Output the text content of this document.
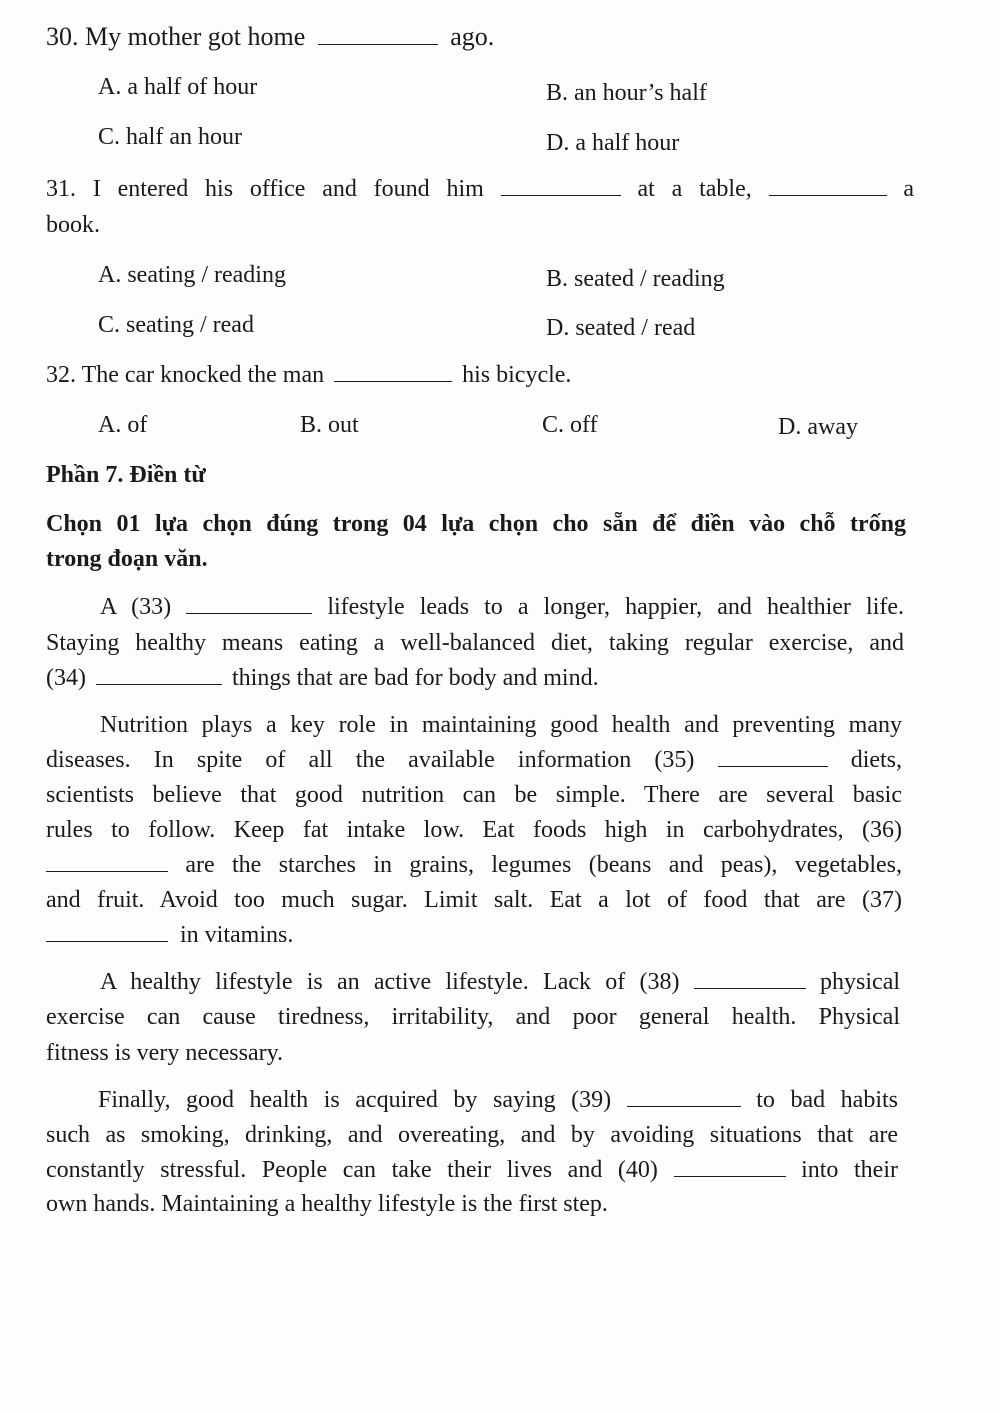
30. My mother got home	ago.
A. a half of hour	B. an hour’s half
C. half an hour	D. a half hour
31. I entered his office and found him	at a table,	a
book.
A. seating / reading	B. seated / reading
C. seating / read	D. seated / read
32. The car knocked the man	his bicycle.
A. of	B. out	C. off	D. away
Phần 7. Điền từ
Chọn 01 lựa chọn đúng trong 04 lựa chọn cho sẵn để điền vào chỗ trống
trong đoạn văn.
A (33)	lifestyle leads to a longer, happier, and healthier life.
Staying healthy means eating a well-balanced diet, taking regular exercise, and
(34)	things that are bad for body and mind.
Nutrition plays a key role in maintaining good health and preventing many
diseases. In spite of all the available information (35)	diets,
scientists believe that good nutrition can be simple. There are several basic
rules to follow. Keep fat intake low. Eat foods high in carbohydrates, (36)
are the starches in grains, legumes (beans and peas), vegetables,
and fruit. Avoid too much sugar. Limit salt. Eat a lot of food that are (37)
in vitamins.
A healthy lifestyle is an active lifestyle. Lack of (38)	physical
exercise can cause tiredness, irritability, and poor general health. Physical
fitness is very necessary.
Finally, good health is acquired by saying (39)	to bad habits
such as smoking, drinking, and overeating, and by avoiding situations that are
constantly stressful. People can take their lives and (40)	into their
own hands. Maintaining a healthy lifestyle is the first step.
